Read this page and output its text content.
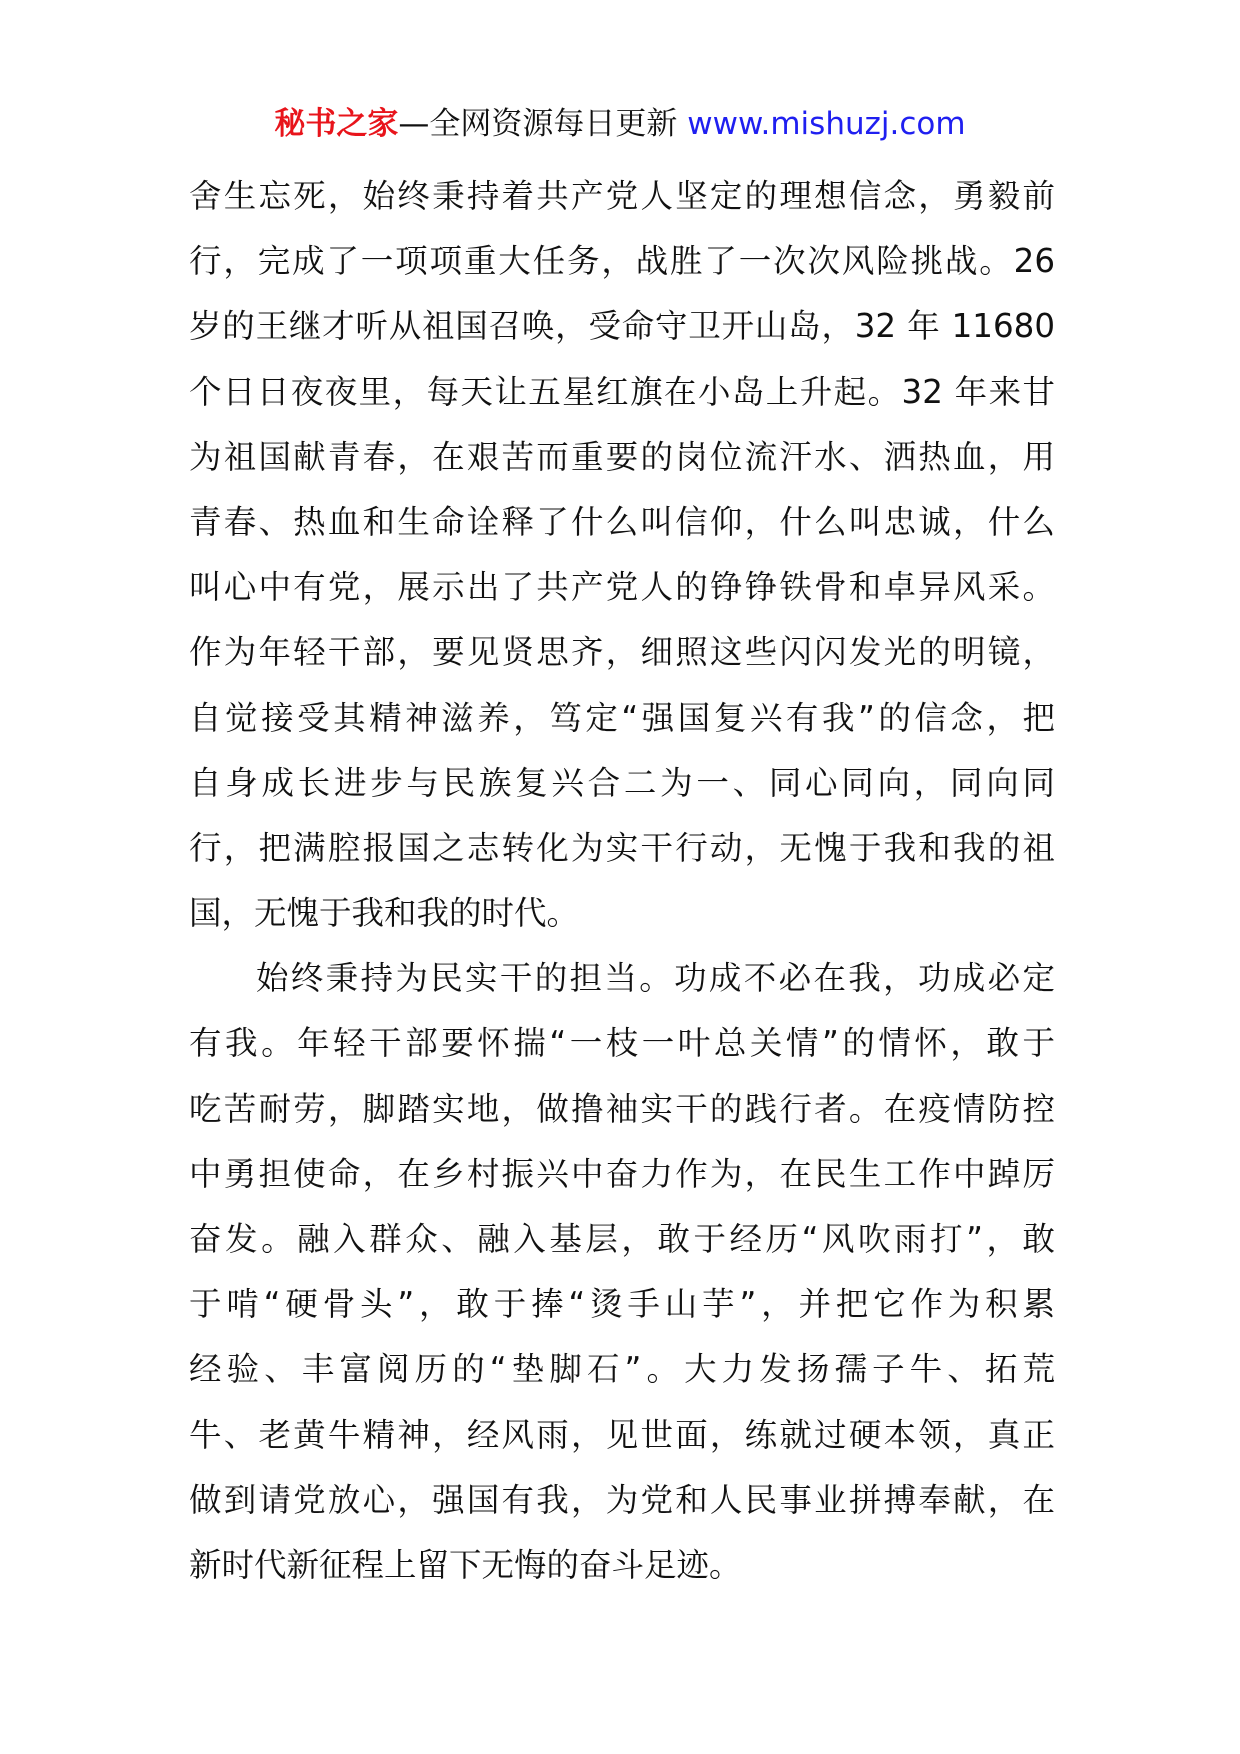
秘书之家—全网资源每日更新 www.mishuzj.com
舍生忘死，始终秉持着共产党人坚定的理想信念，勇毅前
行，完成了一项项重大任务，战胜了一次次风险挑战。26
岁的王继才听从祖国召唤，受命守卫开山岛，32 年 11680
个日日夜夜里，每天让五星红旗在小岛上升起。32 年来甘
为祖国献青春，在艰苦而重要的岗位流汗水、洒热血，用
青春、热血和生命诠释了什么叫信仰，什么叫忠诚，什么
叫心中有党，展示出了共产党人的铮铮铁骨和卓异风采。
作为年轻干部，要见贤思齐，细照这些闪闪发光的明镜，
自觉接受其精神滋养，笃定“强国复兴有我”的信念，把
自身成长进步与民族复兴合二为一、同心同向，同向同
行，把满腔报国之志转化为实干行动，无愧于我和我的祖
国，无愧于我和我的时代。
始终秉持为民实干的担当。功成不必在我，功成必定
有我。年轻干部要怀揣“一枝一叶总关情”的情怀，敢于
吃苦耐劳，脚踏实地，做撸袖实干的践行者。在疫情防控
中勇担使命，在乡村振兴中奋力作为，在民生工作中踔厉
奋发。融入群众、融入基层，敢于经历“风吹雨打”，敢
于啃“硬骨头”，敢于捧“烫手山芋”，并把它作为积累
经验、丰富阅历的“垫脚石”。大力发扬孺子牛、拓荒
牛、老黄牛精神，经风雨，见世面，练就过硬本领，真正
做到请党放心，强国有我，为党和人民事业拼搏奉献，在
新时代新征程上留下无悔的奋斗足迹。
